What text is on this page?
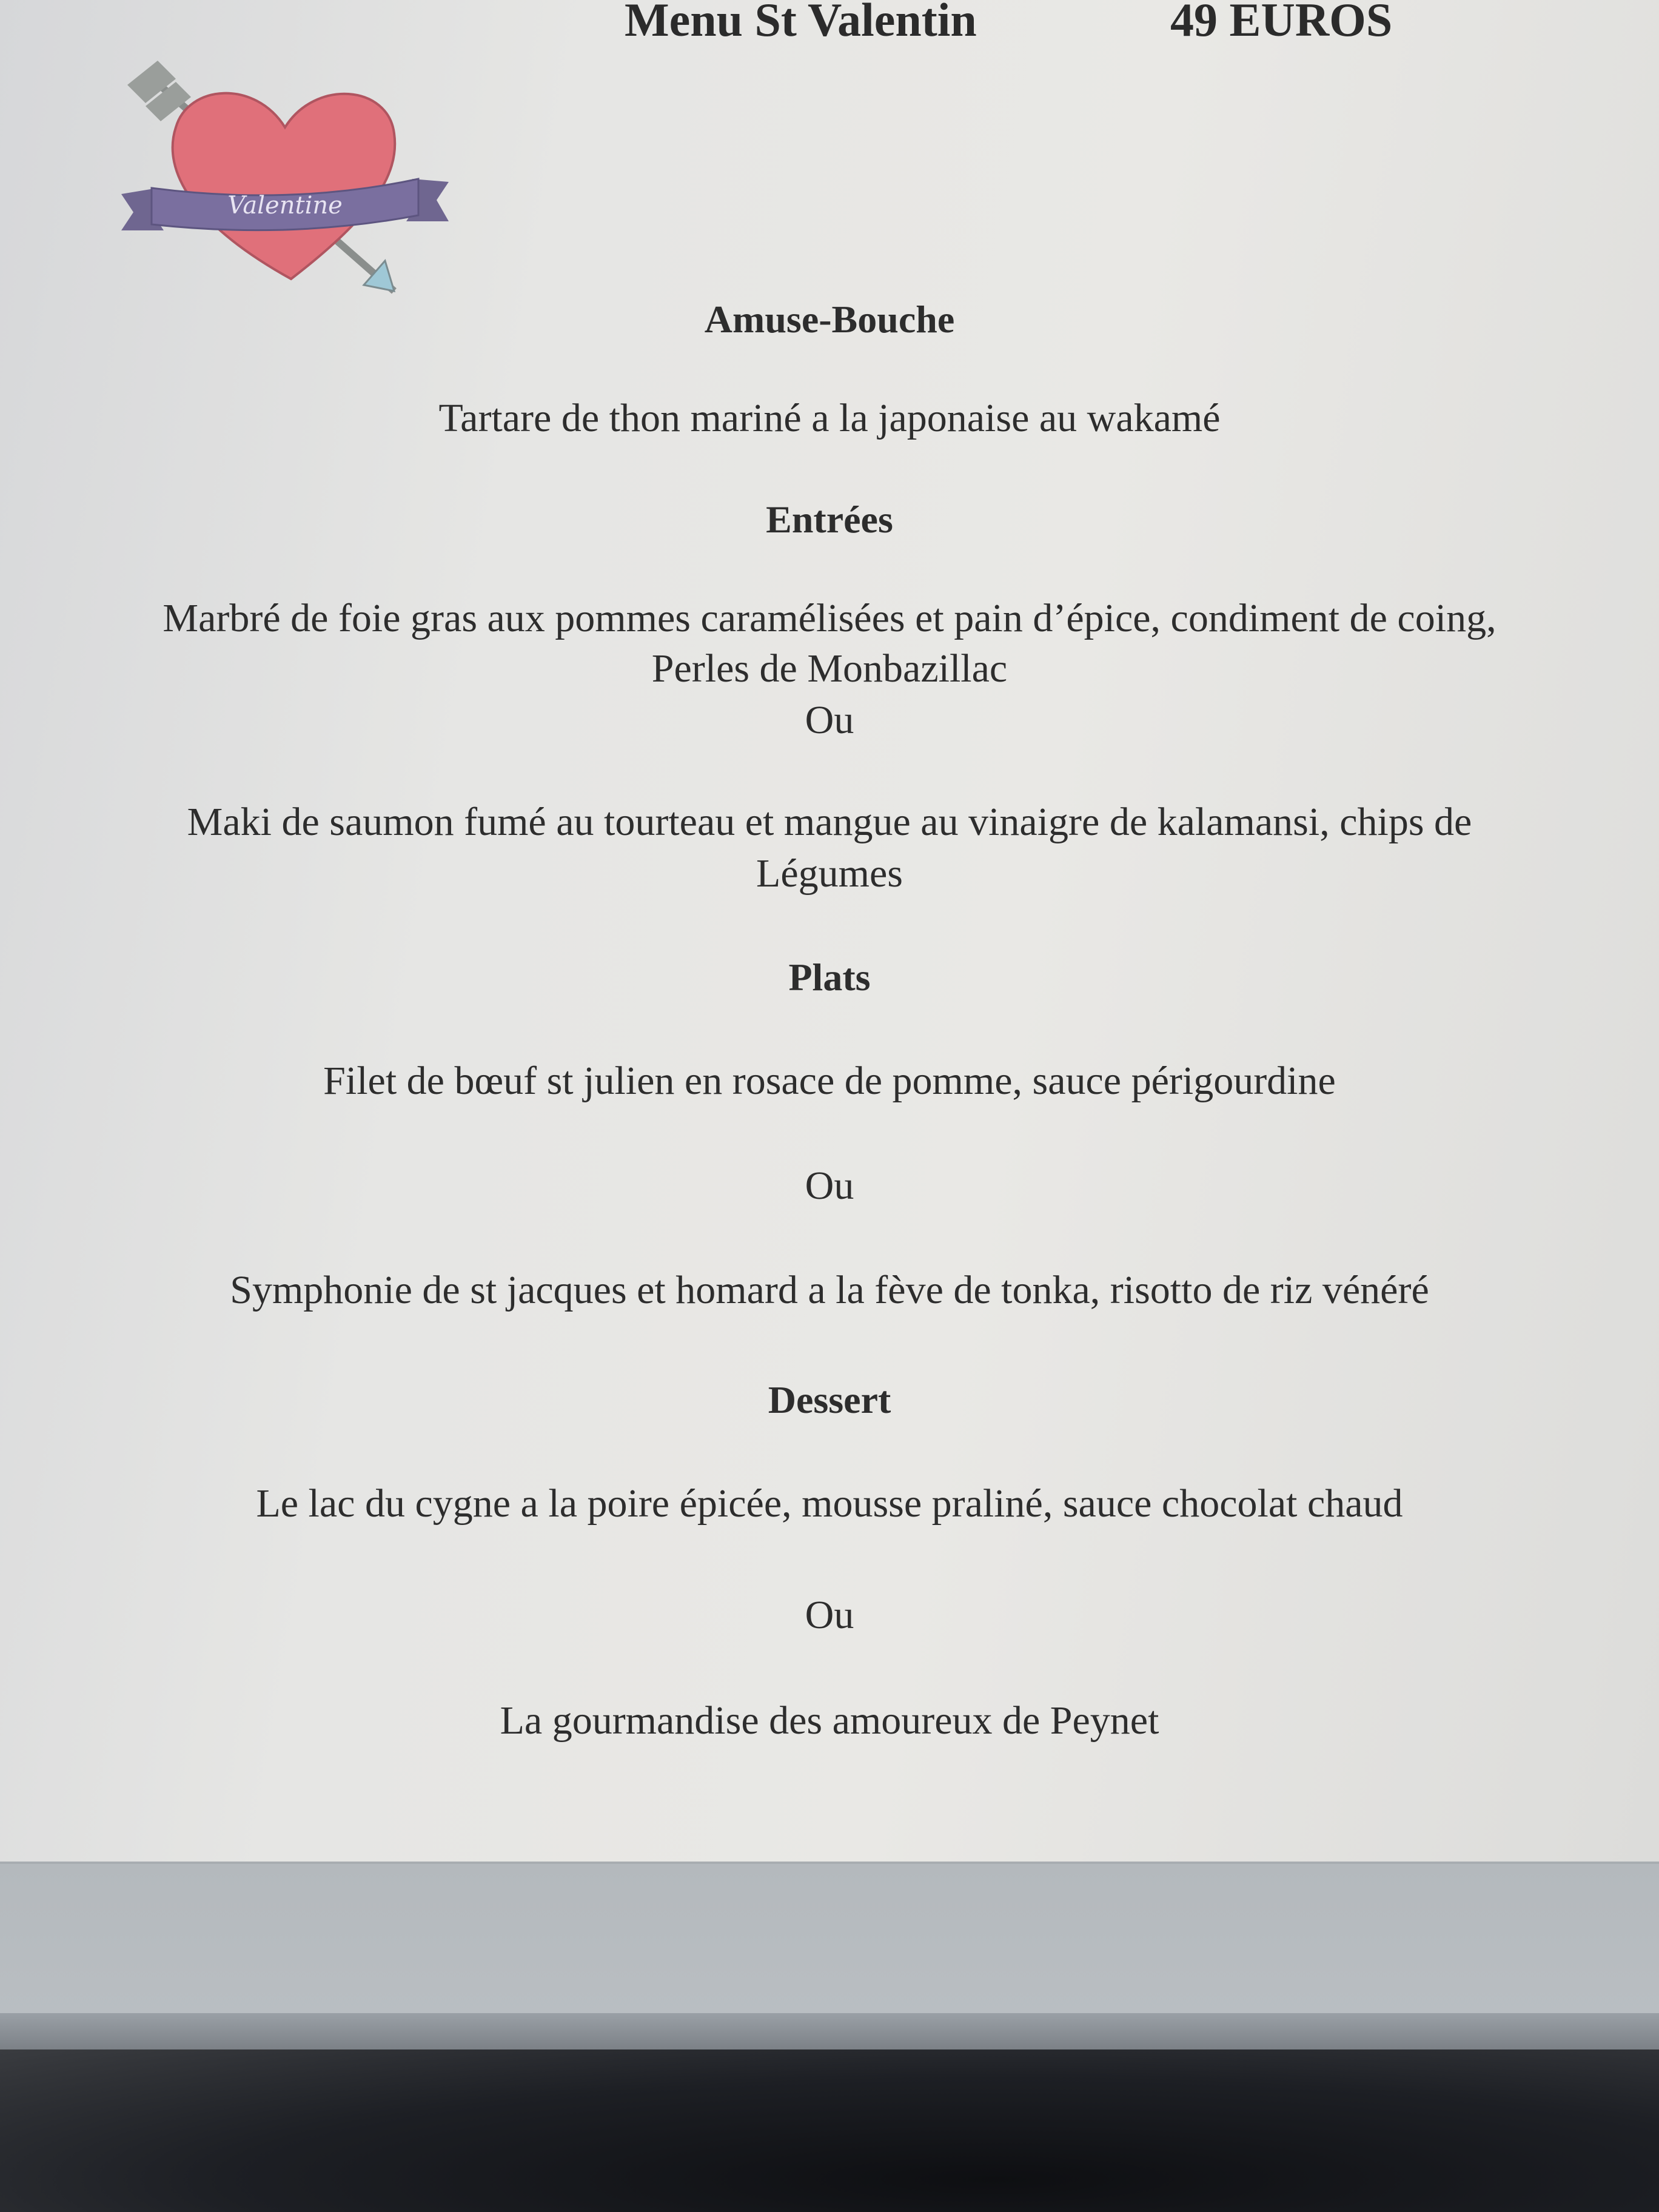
Menu St Valentin	49 EUROS
Valentine
Amuse-Bouche
Tartare de thon mariné a la japonaise au wakamé
Entrées
Marbré de foie gras aux pommes caramélisées et pain d’épice, condiment de coing,
Perles de Monbazillac
Ou
Maki de saumon fumé au tourteau et mangue au vinaigre de kalamansi, chips de
Légumes
Plats
Filet de bœuf st julien en rosace de pomme, sauce périgourdine
Ou
Symphonie de st jacques et homard a la fève de tonka, risotto de riz vénéré
Dessert
Le lac du cygne a la poire épicée, mousse praliné, sauce chocolat chaud
Ou
La gourmandise des amoureux de Peynet
